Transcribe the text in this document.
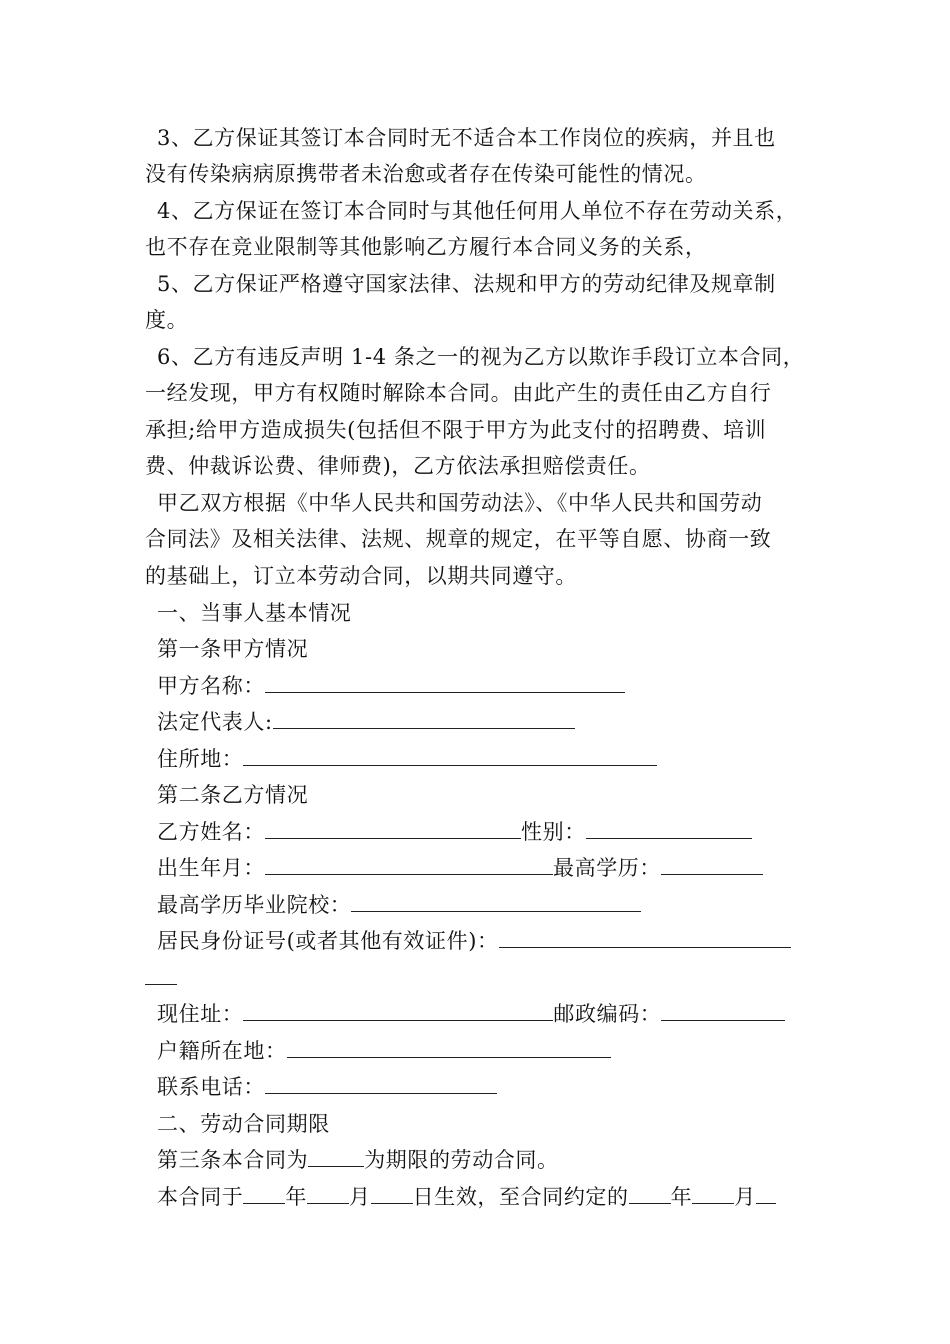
3、乙方保证其签订本合同时无不适合本工作岗位的疾病，并且也
没有传染病病原携带者未治愈或者存在传染可能性的情况。
4、乙方保证在签订本合同时与其他任何用人单位不存在劳动关系，
也不存在竞业限制等其他影响乙方履行本合同义务的关系，
5、乙方保证严格遵守国家法律、法规和甲方的劳动纪律及规章制
度。
6、乙方有违反声明 1-4 条之一的视为乙方以欺诈手段订立本合同，
一经发现，甲方有权随时解除本合同。由此产生的责任由乙方自行
承担;给甲方造成损失(包括但不限于甲方为此支付的招聘费、培训
费、仲裁诉讼费、律师费)，乙方依法承担赔偿责任。
甲乙双方根据《中华人民共和国劳动法》、《中华人民共和国劳动
合同法》及相关法律、法规、规章的规定，在平等自愿、协商一致
的基础上，订立本劳动合同，以期共同遵守。
一、当事人基本情况
第一条甲方情况
甲方名称：
法定代表人:
住所地：
第二条乙方情况
乙方姓名：	性别：
出生年月：	最高学历：
最高学历毕业院校：
居民身份证号(或者其他有效证件)：
现住址：	邮政编码：
户籍所在地：
联系电话：
二、劳动合同期限
第三条本合同为	为期限的劳动合同。
本合同于 年 月 日生效，至合同约定的 年 月
